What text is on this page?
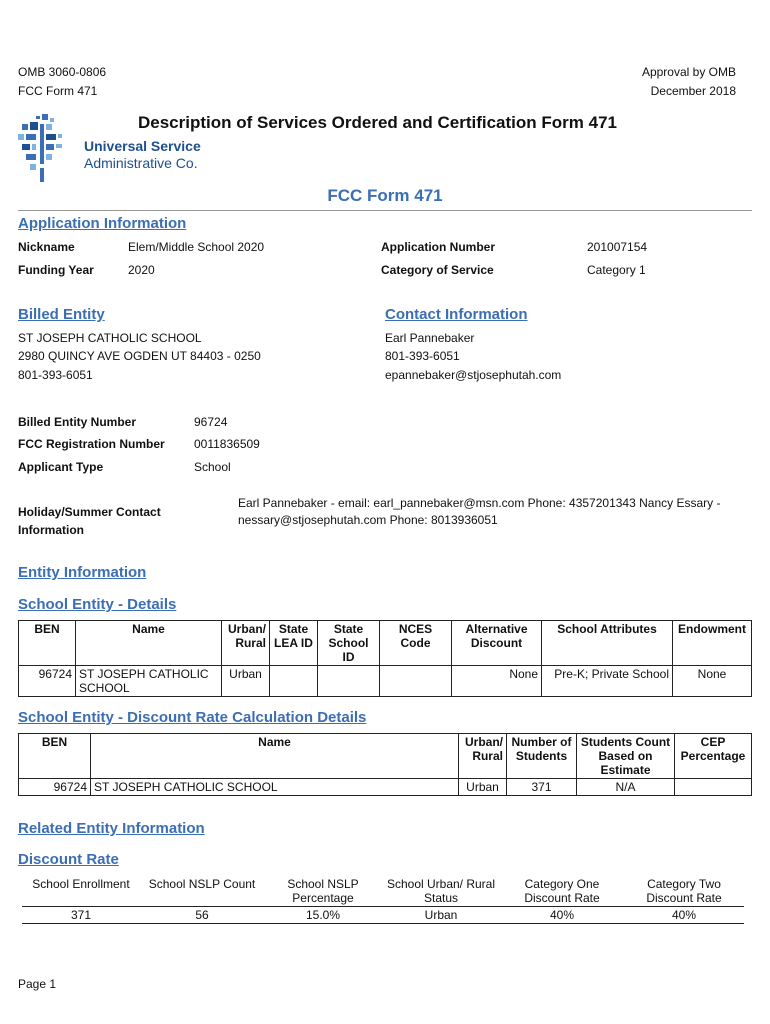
OMB 3060-0806
FCC Form 471
Approval by OMB
December 2018
Universal Service
Administrative Co.
Description of Services Ordered and Certification Form 471
FCC Form 471
Application Information
Nickname	Elem/Middle School 2020	Application Number	201007154
Funding Year	2020	Category of Service	Category 1
Billed Entity
ST JOSEPH CATHOLIC SCHOOL
2980 QUINCY AVE OGDEN UT 84403 - 0250
801-393-6051
Contact Information
Earl Pannebaker
801-393-6051
epannebaker@stjosephutah.com
Billed Entity Number	96724
FCC Registration Number 0011836509
Applicant Type	School
Holiday/Summer Contact
Information
Earl Pannebaker - email: earl_pannebaker@msn.com Phone: 4357201343 Nancy Essary -
nessary@stjosephutah.com Phone: 8013936051
Entity Information
School Entity - Details
BEN	Name	Urban/ Rural	State LEA ID	State School ID	NCES Code	Alternative Discount	School Attributes	Endowment
96724	ST JOSEPH CATHOLIC SCHOOL	Urban				None	Pre-K; Private School	None
School Entity - Discount Rate Calculation Details
BEN	Name	Urban/ Rural	Number of Students	Students Count Based on Estimate	CEP Percentage
96724	ST JOSEPH CATHOLIC SCHOOL	Urban	371	N/A	
Related Entity Information
Discount Rate
School Enrollment	School NSLP Count	School NSLP Percentage	School Urban/ Rural Status	Category One Discount Rate	Category Two Discount Rate
371	56	15.0%	Urban	40%	40%
Page 1
